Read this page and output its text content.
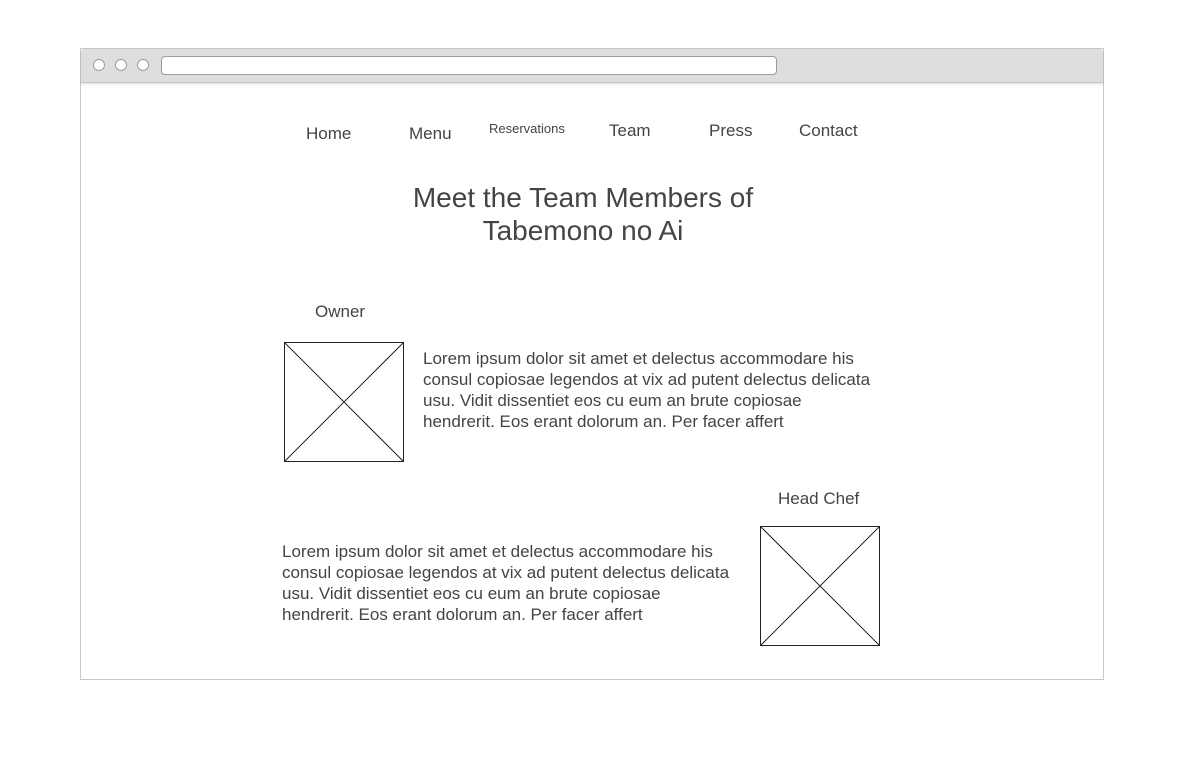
Home	Menu	Reservations	Team	Press	Contact
Meet the Team Members of Tabemono no Ai
Owner

Lorem ipsum dolor sit amet et delectus accommodare his consul copiosae legendos at vix ad putent delectus delicata usu. Vidit dissentiet eos cu eum an brute copiosae hendrerit. Eos erant dolorum an. Per facer affert

Head Chef

Lorem ipsum dolor sit amet et delectus accommodare his consul copiosae legendos at vix ad putent delectus delicata usu. Vidit dissentiet eos cu eum an brute copiosae hendrerit. Eos erant dolorum an. Per facer affert
